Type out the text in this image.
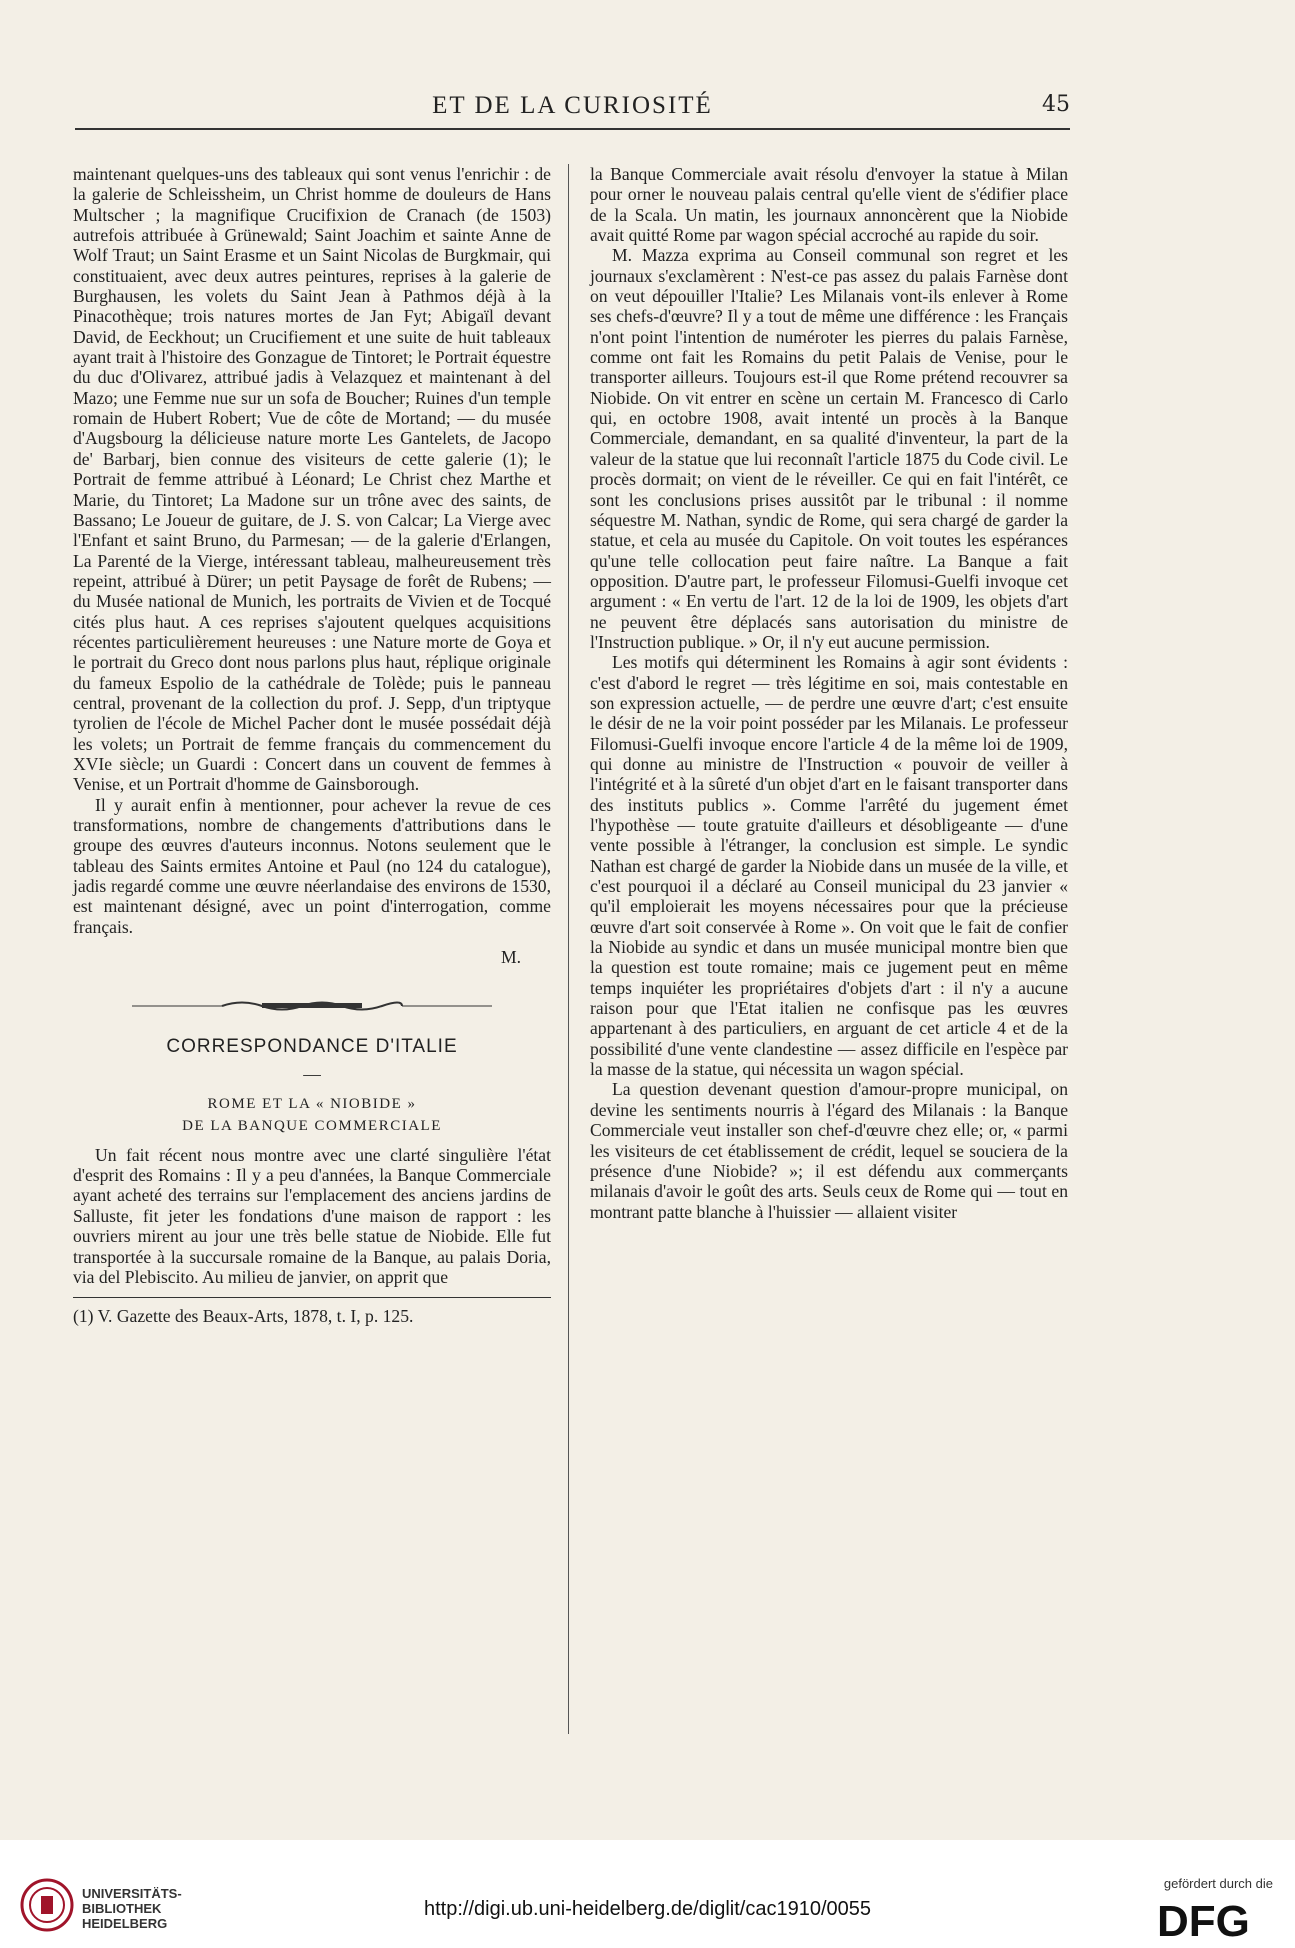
ET DE LA CURIOSITÉ	45

maintenant quelques-uns des tableaux qui sont venus l'enrichir : de la galerie de Schleissheim, un Christ homme de douleurs de Hans Multscher ; la magnifique Crucifixion de Cranach (de 1503) autrefois attribuée à Grünewald; Saint Joachim et sainte Anne de Wolf Traut; un Saint Erasme et un Saint Nicolas de Burgkmair, qui constituaient, avec deux autres peintures, reprises à la galerie de Burghausen, les volets du Saint Jean à Pathmos déjà à la Pinacothèque; trois natures mortes de Jan Fyt; Abigaïl devant David, de Eeckhout; un Crucifiement et une suite de huit tableaux ayant trait à l'histoire des Gonzague de Tintoret; le Portrait équestre du duc d'Olivarez, attribué jadis à Velazquez et maintenant à del Mazo; une Femme nue sur un sofa de Boucher; Ruines d'un temple romain de Hubert Robert; Vue de côte de Mortand; — du musée d'Augsbourg la délicieuse nature morte Les Gantelets, de Jacopo de' Barbarj, bien connue des visiteurs de cette galerie (1); le Portrait de femme attribué à Léonard; Le Christ chez Marthe et Marie, du Tintoret; La Madone sur un trône avec des saints, de Bassano; Le Joueur de guitare, de J. S. von Calcar; La Vierge avec l'Enfant et saint Bruno, du Parmesan; — de la galerie d'Erlangen, La Parenté de la Vierge, intéressant tableau, malheureusement très repeint, attribué à Dürer; un petit Paysage de forêt de Rubens; — du Musée national de Munich, les portraits de Vivien et de Tocqué cités plus haut. A ces reprises s'ajoutent quelques acquisitions récentes particulièrement heureuses : une Nature morte de Goya et le portrait du Greco dont nous parlons plus haut, réplique originale du fameux Espolio de la cathédrale de Tolède; puis le panneau central, provenant de la collection du prof. J. Sepp, d'un triptyque tyrolien de l'école de Michel Pacher dont le musée possédait déjà les volets; un Portrait de femme français du commencement du XVIe siècle; un Guardi : Concert dans un couvent de femmes à Venise, et un Portrait d'homme de Gainsborough.

Il y aurait enfin à mentionner, pour achever la revue de ces transformations, nombre de changements d'attributions dans le groupe des œuvres d'auteurs inconnus. Notons seulement que le tableau des Saints ermites Antoine et Paul (no 124 du catalogue), jadis regardé comme une œuvre néerlandaise des environs de 1530, est maintenant désigné, avec un point d'interrogation, comme français.

M.

CORRESPONDANCE D'ITALIE
—
ROME ET LA « NIOBIDE »
DE LA BANQUE COMMERCIALE

Un fait récent nous montre avec une clarté singulière l'état d'esprit des Romains : Il y a peu d'années, la Banque Commerciale ayant acheté des terrains sur l'emplacement des anciens jardins de Salluste, fit jeter les fondations d'une maison de rapport : les ouvriers mirent au jour une très belle statue de Niobide. Elle fut transportée à la succursale romaine de la Banque, au palais Doria, via del Plebiscito. Au milieu de janvier, on apprit que

(1) V. Gazette des Beaux-Arts, 1878, t. I, p. 125.

la Banque Commerciale avait résolu d'envoyer la statue à Milan pour orner le nouveau palais central qu'elle vient de s'édifier place de la Scala. Un matin, les journaux annoncèrent que la Niobide avait quitté Rome par wagon spécial accroché au rapide du soir.

M. Mazza exprima au Conseil communal son regret et les journaux s'exclamèrent : N'est-ce pas assez du palais Farnèse dont on veut dépouiller l'Italie? Les Milanais vont-ils enlever à Rome ses chefs-d'œuvre? Il y a tout de même une différence : les Français n'ont point l'intention de numéroter les pierres du palais Farnèse, comme ont fait les Romains du petit Palais de Venise, pour le transporter ailleurs. Toujours est-il que Rome prétend recouvrer sa Niobide. On vit entrer en scène un certain M. Francesco di Carlo qui, en octobre 1908, avait intenté un procès à la Banque Commerciale, demandant, en sa qualité d'inventeur, la part de la valeur de la statue que lui reconnaît l'article 1875 du Code civil. Le procès dormait; on vient de le réveiller. Ce qui en fait l'intérêt, ce sont les conclusions prises aussitôt par le tribunal : il nomme séquestre M. Nathan, syndic de Rome, qui sera chargé de garder la statue, et cela au musée du Capitole. On voit toutes les espérances qu'une telle collocation peut faire naître. La Banque a fait opposition. D'autre part, le professeur Filomusi-Guelfi invoque cet argument : « En vertu de l'art. 12 de la loi de 1909, les objets d'art ne peuvent être déplacés sans autorisation du ministre de l'Instruction publique. » Or, il n'y eut aucune permission.

Les motifs qui déterminent les Romains à agir sont évidents : c'est d'abord le regret — très légitime en soi, mais contestable en son expression actuelle, — de perdre une œuvre d'art; c'est ensuite le désir de ne la voir point posséder par les Milanais. Le professeur Filomusi-Guelfi invoque encore l'article 4 de la même loi de 1909, qui donne au ministre de l'Instruction « pouvoir de veiller à l'intégrité et à la sûreté d'un objet d'art en le faisant transporter dans des instituts publics ». Comme l'arrêté du jugement émet l'hypothèse — toute gratuite d'ailleurs et désobligeante — d'une vente possible à l'étranger, la conclusion est simple. Le syndic Nathan est chargé de garder la Niobide dans un musée de la ville, et c'est pourquoi il a déclaré au Conseil municipal du 23 janvier « qu'il emploierait les moyens nécessaires pour que la précieuse œuvre d'art soit conservée à Rome ». On voit que le fait de confier la Niobide au syndic et dans un musée municipal montre bien que la question est toute romaine; mais ce jugement peut en même temps inquiéter les propriétaires d'objets d'art : il n'y a aucune raison pour que l'Etat italien ne confisque pas les œuvres appartenant à des particuliers, en arguant de cet article 4 et de la possibilité d'une vente clandestine — assez difficile en l'espèce par la masse de la statue, qui nécessita un wagon spécial.

La question devenant question d'amour-propre municipal, on devine les sentiments nourris à l'égard des Milanais : la Banque Commerciale veut installer son chef-d'œuvre chez elle; or, « parmi les visiteurs de cet établissement de crédit, lequel se souciera de la présence d'une Niobide? »; il est défendu aux commerçants milanais d'avoir le goût des arts. Seuls ceux de Rome qui — tout en montrant patte blanche à l'huissier — allaient visiter

UNIVERSITÄTS-
BIBLIOTHEK
HEIDELBERG
http://digi.ub.uni-heidelberg.de/diglit/cac1910/0055
gefördert durch die
DFG
